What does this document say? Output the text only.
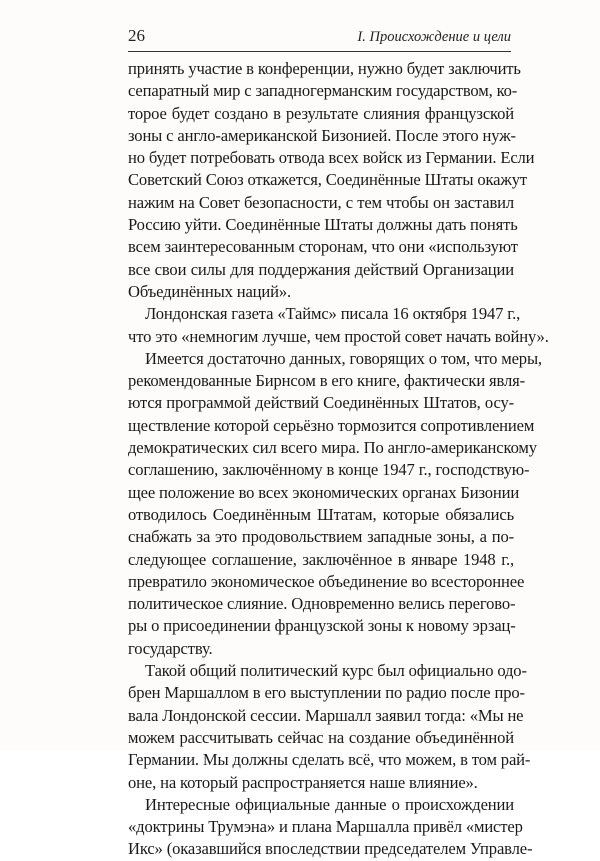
26	I. Происхождение и цели
принять участие в конференции, нужно будет заключить
сепаратный мир с западногерманским государством, ко-
торое будет создано в результате слияния французской
зоны с англо-американской Бизонией. После этого нуж-
но будет потребовать отвода всех войск из Германии. Если
Советский Союз откажется, Соединённые Штаты окажут
нажим на Совет безопасности, с тем чтобы он заставил
Россию уйти. Соединённые Штаты должны дать понять
всем заинтересованным сторонам, что они «используют
все свои силы для поддержания действий Организации
Объединённых наций».
Лондонская газета «Таймс» писала 16 октября 1947 г.,
что это «немногим лучше, чем простой совет начать войну».
Имеется достаточно данных, говорящих о том, что меры,
рекомендованные Бирнсом в его книге, фактически явля-
ются программой действий Соединённых Штатов, осу-
ществление которой серьёзно тормозится сопротивлением
демократических сил всего мира. По англо-американскому
соглашению, заключённому в конце 1947 г., господствую-
щее положение во всех экономических органах Бизонии
отводилось Соединённым Штатам, которые обязались
снабжать за это продовольствием западные зоны, а по-
следующее соглашение, заключённое в январе 1948 г.,
превратило экономическое объединение во всестороннее
политическое слияние. Одновременно велись перегово-
ры о присоединении французской зоны к новому эрзац-
государству.
Такой общий политический курс был официально одо-
брен Маршаллом в его выступлении по радио после про-
вала Лондонской сессии. Маршалл заявил тогда: «Мы не
можем рассчитывать сейчас на создание объединённой
Германии. Мы должны сделать всё, что можем, в том рай-
оне, на который распространяется наше влияние».
Интересные официальные данные о происхождении
«доктрины Трумэна» и плана Маршалла привёл «мистер
Икс» (оказавшийся впоследствии председателем Управле-
